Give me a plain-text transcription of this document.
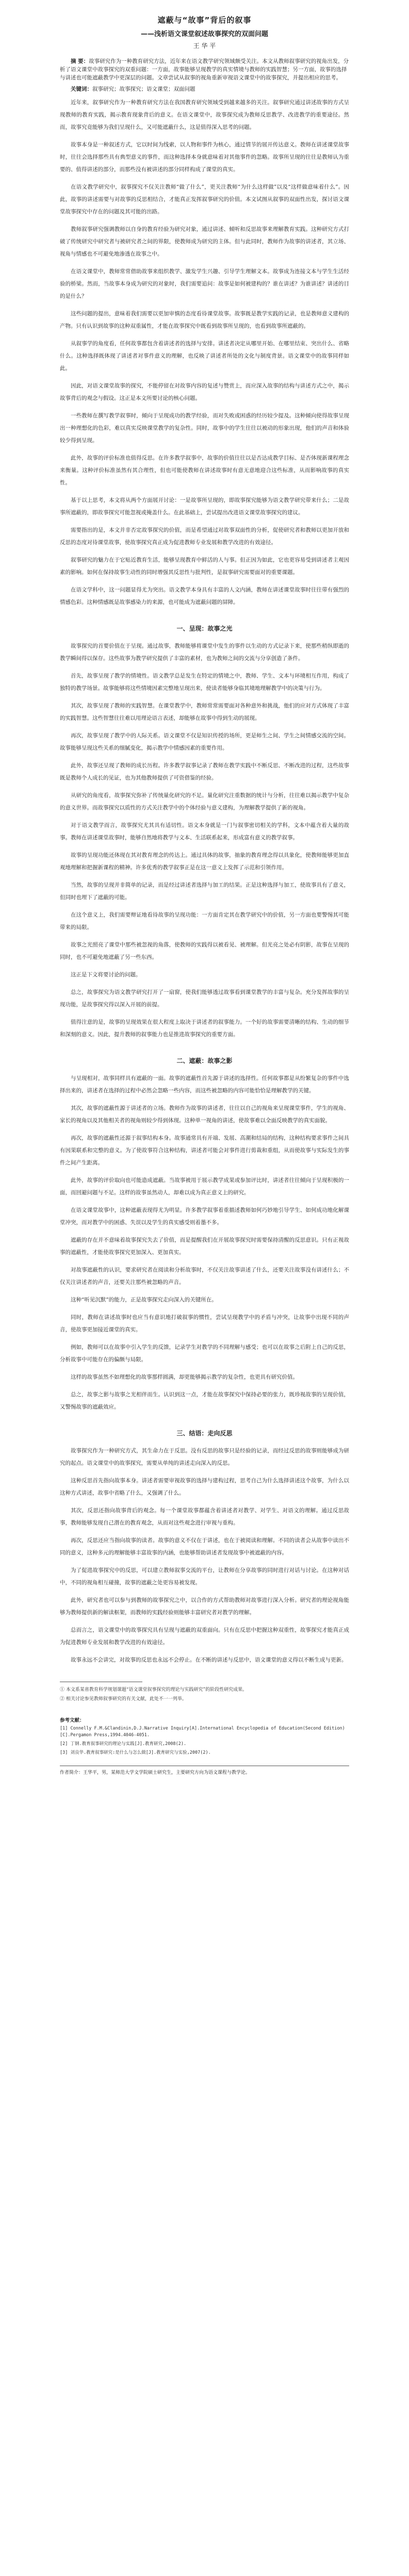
遮蔽与“故事”背后的叙事

——浅析语文课堂叙述故事探究的双面问题

王 华 平

摘 要：故事研究作为一种教育研究方法，近年来在语文教学研究领域颇受关注。本文从教师叙事研究的视角出发，分析了语文课堂中故事探究的双重问题：一方面，故事能够呈现教学的真实情境与教师的实践智慧；另一方面，故事的选择与讲述也可能遮蔽教学中更深层的问题。文章尝试从叙事的视角重新审视语文课堂中的故事探究，并提出相应的思考。

关键词：叙事研究；故事探究；语文课堂；双面问题

近年来，叙事研究作为一种教育研究方法在我国教育研究领域受到越来越多的关注。叙事研究通过讲述故事的方式呈现教师的教育实践，揭示教育现象背后的意义。在语文课堂中，故事探究成为教师反思教学、改进教学的重要途径。然而，故事究竟能够为我们呈现什么，又可能遮蔽什么，这是值得深入思考的问题。

故事本身是一种叙述方式，它以时间为线索，以人物和事件为核心，通过情节的展开传达意义。教师在讲述课堂故事时，往往会选择那些具有典型意义的事件，而这种选择本身就意味着对其他事件的忽略。故事所呈现的往往是教师认为重要的、值得讲述的部分，而那些没有被讲述的部分同样构成了课堂的真实。

在语文教学研究中，叙事探究不仅关注教师“做了什么”，更关注教师“为什么这样做”以及“这样做意味着什么”。因此，故事的讲述需要与对故事的反思相结合，才能真正发挥叙事研究的价值。本文试图从叙事的双面性出发，探讨语文课堂故事探究中存在的问题及其可能的出路。

教师叙事研究强调教师以自身的教育经验为研究对象，通过讲述、倾听和反思故事来理解教育实践。这种研究方式打破了传统研究中研究者与被研究者之间的界限，使教师成为研究的主体。但与此同时，教师作为故事的讲述者，其立场、视角与情感也不可避免地渗透在故事之中。

在语文课堂中，教师常常借助故事来组织教学、激发学生兴趣、引导学生理解文本。故事成为连接文本与学生生活经验的桥梁。然而，当故事本身成为研究的对象时，我们需要追问：故事是如何被建构的？谁在讲述？为谁讲述？讲述的目的是什么？

这些问题的提出，意味着我们需要以更加审慎的态度看待课堂故事。故事既是教学实践的记录，也是教师意义建构的产物。只有认识到故事的这种双重属性，才能在故事探究中既看到故事所呈现的，也看到故事所遮蔽的。

从叙事学的角度看，任何故事都包含着讲述者的选择与安排。讲述者决定从哪里开始、在哪里结束、突出什么、省略什么。这种选择既体现了讲述者对事件意义的理解，也反映了讲述者所处的文化与制度背景。语文课堂中的故事同样如此。

因此，对语文课堂故事的探究，不能停留在对故事内容的复述与赞赏上，而应深入故事的结构与讲述方式之中，揭示故事背后的观念与假设。这正是本文所要讨论的核心问题。

一些教师在撰写教学叙事时，倾向于呈现成功的教学经验，而对失败或困惑的经历较少提及。这种倾向使得故事呈现出一种理想化的色彩，难以真实反映课堂教学的复杂性。同时，故事中的学生往往以被动的形象出现，他们的声音和体验较少得到呈现。

此外，故事的评价标准也值得反思。在许多教学叙事中，故事的价值往往以是否达成教学目标、是否体现新课程理念来衡量。这种评价标准虽然有其合理性，但也可能使教师在讲述故事时有意无意地迎合这些标准，从而影响故事的真实性。

基于以上思考，本文将从两个方面展开讨论：一是故事所呈现的，即故事探究能够为语文教学研究带来什么；二是故事所遮蔽的，即故事探究可能忽视或掩盖什么。在此基础上，尝试提出改进语文课堂故事探究的建议。

需要指出的是，本文并非否定故事探究的价值，而是希望通过对故事双面性的分析，促使研究者和教师以更加开放和反思的态度对待课堂故事，使故事探究真正成为促进教师专业发展和教学改进的有效途径。

叙事研究的魅力在于它贴近教育生活，能够呈现教育中鲜活的人与事。但正因为如此，它也更容易受到讲述者主观因素的影响。如何在保持故事生动性的同时增强其反思性与批判性，是叙事研究需要面对的重要课题。

在语文学科中，这一问题显得尤为突出。语文教学本身具有丰富的人文内涵，教师在讲述课堂故事时往往带有强烈的情感色彩。这种情感既是故事感染力的来源，也可能成为遮蔽问题的屏障。

一、呈现：故事之光

故事探究的首要价值在于呈现。通过故事，教师能够将课堂中发生的事件以生动的方式记录下来，使那些稍纵即逝的教学瞬间得以保存。这些故事为教学研究提供了丰富的素材，也为教师之间的交流与分享创造了条件。

首先，故事呈现了教学的情境性。语文教学总是发生在特定的情境之中，教师、学生、文本与环境相互作用，构成了独特的教学场景。故事能够将这些情境因素完整地呈现出来，使读者能够身临其境地理解教学中的决策与行为。

其次，故事呈现了教师的实践智慧。在课堂教学中，教师常常需要面对各种意外和挑战，他们的应对方式体现了丰富的实践智慧。这些智慧往往难以用理论语言表述，却能够在故事中得到生动的展现。

再次，故事呈现了教学中的人际关系。语文课堂不仅是知识传授的场所，更是师生之间、学生之间情感交流的空间。故事能够呈现这些关系的细腻变化，揭示教学中情感因素的重要作用。

此外，故事还呈现了教师的成长历程。许多教学叙事记录了教师在教学实践中不断反思、不断改进的过程，这些故事既是教师个人成长的见证，也为其他教师提供了可资借鉴的经验。

从研究的角度看，故事探究弥补了传统量化研究的不足。量化研究注重数据的统计与分析，往往难以揭示教学中复杂的意义世界。而故事探究以质性的方式关注教学中的个体经验与意义建构，为理解教学提供了新的视角。

对于语文教学而言，故事探究尤其具有适切性。语文本身就是一门与叙事密切相关的学科，文本中蕴含着大量的故事。教师在讲述课堂故事时，能够自然地将教学与文本、生活联系起来，形成富有意义的教学叙事。

故事的呈现功能还体现在其对教育理念的传达上。通过具体的故事，抽象的教育理念得以具象化，使教师能够更加直观地理解和把握新课程的精神。许多优秀的教学叙事正是在这一意义上发挥了示范和引领作用。

当然，故事的呈现并非简单的记录，而是经过讲述者选择与加工的结果。正是这种选择与加工，使故事具有了意义，但同时也埋下了遮蔽的可能。

在这个意义上，我们需要辩证地看待故事的呈现功能：一方面肯定其在教学研究中的价值，另一方面也要警惕其可能带来的局限。

故事之光照亮了课堂中那些被忽视的角落，使教师的实践得以被看见、被理解。但光亮之处必有阴影，故事在呈现的同时，也不可避免地遮蔽了另一些东西。

这正是下文将要讨论的问题。

总之，故事探究为语文教学研究打开了一扇窗，使我们能够透过故事看到课堂教学的丰富与复杂。充分发挥故事的呈现功能，是故事探究得以深入开展的前提。

值得注意的是，故事的呈现效果在很大程度上取决于讲述者的叙事能力。一个好的故事需要清晰的结构、生动的细节和深刻的意义。因此，提升教师的叙事能力也是推进故事探究的重要方面。

二、遮蔽：故事之影

与呈现相对，故事同样具有遮蔽的一面。故事的遮蔽性首先源于讲述的选择性。任何故事都是从纷繁复杂的事件中选择出来的，讲述者在选择的过程中必然会忽略一些内容，而这些被忽略的内容可能恰恰是理解教学的关键。

其次，故事的遮蔽性源于讲述者的立场。教师作为故事的讲述者，往往以自己的视角来呈现课堂事件，学生的视角、家长的视角以及其他相关者的视角则较少得到体现。这种单一视角的讲述，使故事难以全面反映教学的真实面貌。

再次，故事的遮蔽性还源于叙事结构本身。故事通常具有开端、发展、高潮和结局的结构，这种结构要求事件之间具有因果联系和完整的意义。为了使故事符合这种结构，讲述者可能会对事件进行剪裁和重组，从而使故事与实际发生的事件之间产生距离。

此外，故事的评价取向也可能造成遮蔽。当故事被用于展示教学成果或参加评比时，讲述者往往倾向于呈现积极的一面，而回避问题与不足。这样的故事虽然动人，却难以成为真正意义上的研究。

在语文课堂故事中，这种遮蔽表现得尤为明显。许多教学叙事着重描述教师如何巧妙地引导学生、如何成功地化解课堂冲突，而对教学中的困惑、失误以及学生的真实感受则着墨不多。

遮蔽的存在并不意味着故事探究失去了价值，而是提醒我们在开展故事探究时需要保持清醒的反思意识。只有正视故事的遮蔽性，才能使故事探究更加深入、更加真实。

对故事遮蔽性的认识，要求研究者在阅读和分析故事时，不仅关注故事讲述了什么，还要关注故事没有讲述什么；不仅关注讲述者的声音，还要关注那些被忽略的声音。

这种“听见沉默”的能力，正是故事探究走向深入的关键所在。

同时，教师在讲述故事时也应当有意识地打破叙事的惯性，尝试呈现教学中的矛盾与冲突，让故事中出现不同的声音，使故事更加接近课堂的真实。

例如，教师可以在故事中引入学生的反馈，记录学生对教学的不同理解与感受；也可以在故事之后附上自己的反思，分析故事中可能存在的偏颇与局限。

这样的故事虽然不如理想化的故事那样圆满，却更能够揭示教学的复杂性，也更具有研究价值。

总之，故事之影与故事之光相伴而生。认识到这一点，才能在故事探究中保持必要的张力，既珍视故事的呈现价值，又警惕故事的遮蔽效应。

三、结语：走向反思

故事探究作为一种研究方式，其生命力在于反思。没有反思的故事只是经验的记录，而经过反思的故事则能够成为研究的起点。语文课堂中的故事探究，需要从单纯的讲述走向深入的反思。

这种反思首先指向故事本身。讲述者需要审视故事的选择与建构过程，思考自己为什么选择讲述这个故事，为什么以这种方式讲述，故事中省略了什么，又强调了什么。

其次，反思还指向故事背后的观念。每一个课堂故事都蕴含着讲述者对教学、对学生、对语文的理解。通过反思故事，教师能够发现自己潜在的教育观念，从而对这些观念进行审视与重构。

再次，反思还应当指向故事的读者。故事的意义不仅在于讲述，也在于被阅读和理解。不同的读者会从故事中读出不同的意义，这种多元的理解能够丰富故事的内涵，也能够帮助讲述者发现故事中被遮蔽的内容。

为了促进故事探究中的反思，可以建立教师叙事交流的平台，让教师在分享故事的同时进行对话与讨论。在这种对话中，不同的视角相互碰撞，故事的遮蔽之处更容易被发现。

此外，研究者也可以参与到教师的故事探究之中，以合作的方式帮助教师对故事进行深入分析。研究者的理论视角能够为教师提供新的解读框架，而教师的实践经验则能够丰富研究者对教学的理解。

总而言之，语文课堂中的故事探究具有呈现与遮蔽的双重面向。只有在反思中把握这种双重性，故事探究才能真正成为促进教师专业发展和教学改进的有效途径。

故事永远不会讲完，对故事的反思也永远不会停止。在不断的讲述与反思中，语文课堂的意义得以不断生成与更新。

① 本文系某省教育科学规划课题“语文课堂叙事探究的理论与实践研究”的阶段性研究成果。

② 相关讨论参见教师叙事研究的有关文献，此处不一一列举。

参考文献：

[1] Connelly F.M.&Clandinin,D.J.Narrative Inquiry[A].International Encyclopedia of Education(Second Edition)[C].Pergamon Press,1994.4046-4051.

[2] 丁钢.教育叙事研究的理论与实践[J].教育研究,2008(2).

[3] 刘良华.教育叙事研究:是什么与怎么做[J].教育研究与实验,2007(2).

作者简介：王华平，男，某师范大学文学院硕士研究生，主要研究方向为语文课程与教学论。
